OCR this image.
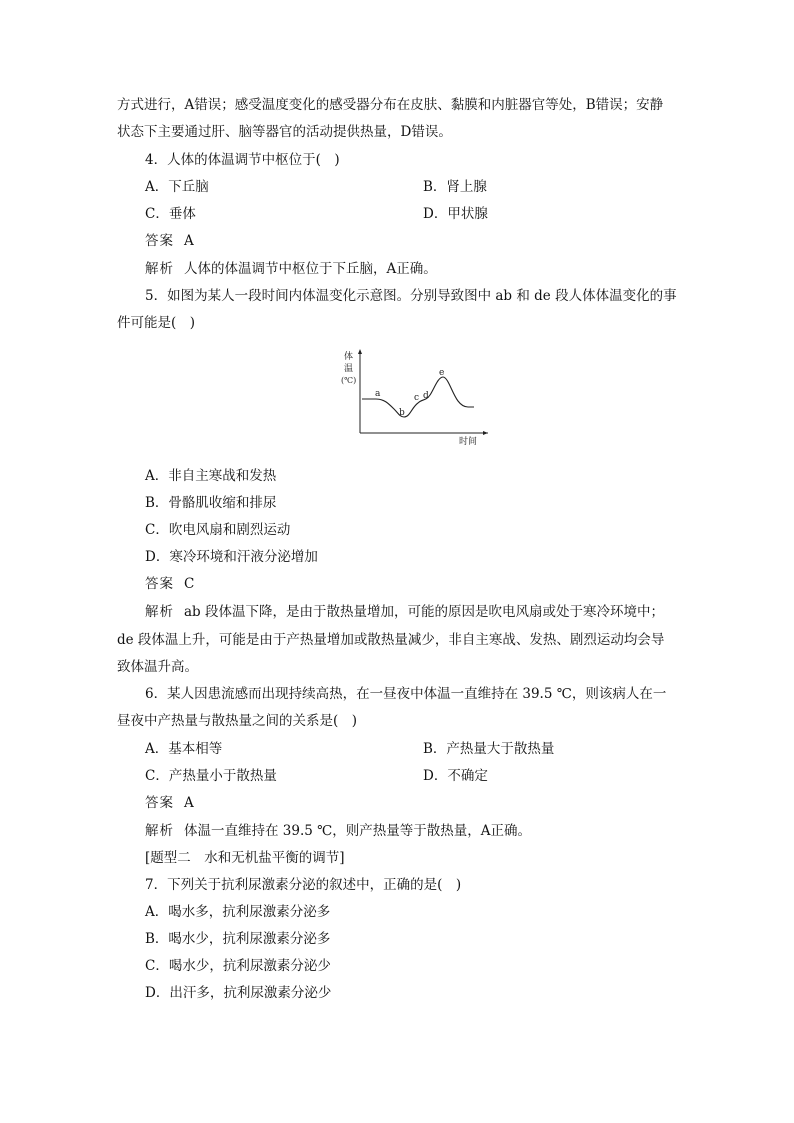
方式进行，A错误；感受温度变化的感受器分布在皮肤、黏膜和内脏器官等处，B错误；安静
状态下主要通过肝、脑等器官的活动提供热量，D错误。
4．人体的体温调节中枢位于(　)
A．下丘脑	B．肾上腺
C．垂体	D．甲状腺
答案 A
解析 人体的体温调节中枢位于下丘脑，A正确。
5．如图为某人一段时间内体温变化示意图。分别导致图中 ab 和 de 段人体体温变化的事
件可能是(　)
体
温
(℃)
时间
a
b
c d
e
A．非自主寒战和发热
B．骨骼肌收缩和排尿
C．吹电风扇和剧烈运动
D．寒冷环境和汗液分泌增加
答案 C
解析 ab 段体温下降，是由于散热量增加，可能的原因是吹电风扇或处于寒冷环境中；
de 段体温上升，可能是由于产热量增加或散热量减少，非自主寒战、发热、剧烈运动均会导
致体温升高。
6．某人因患流感而出现持续高热，在一昼夜中体温一直维持在 39.5 ℃，则该病人在一
昼夜中产热量与散热量之间的关系是(　)
A．基本相等	B．产热量大于散热量
C．产热量小于散热量	D．不确定
答案 A
解析 体温一直维持在 39.5 ℃，则产热量等于散热量，A正确。
[题型二　水和无机盐平衡的调节]
7．下列关于抗利尿激素分泌的叙述中，正确的是(　)
A．喝水多，抗利尿激素分泌多
B．喝水少，抗利尿激素分泌多
C．喝水少，抗利尿激素分泌少
D．出汗多，抗利尿激素分泌少
